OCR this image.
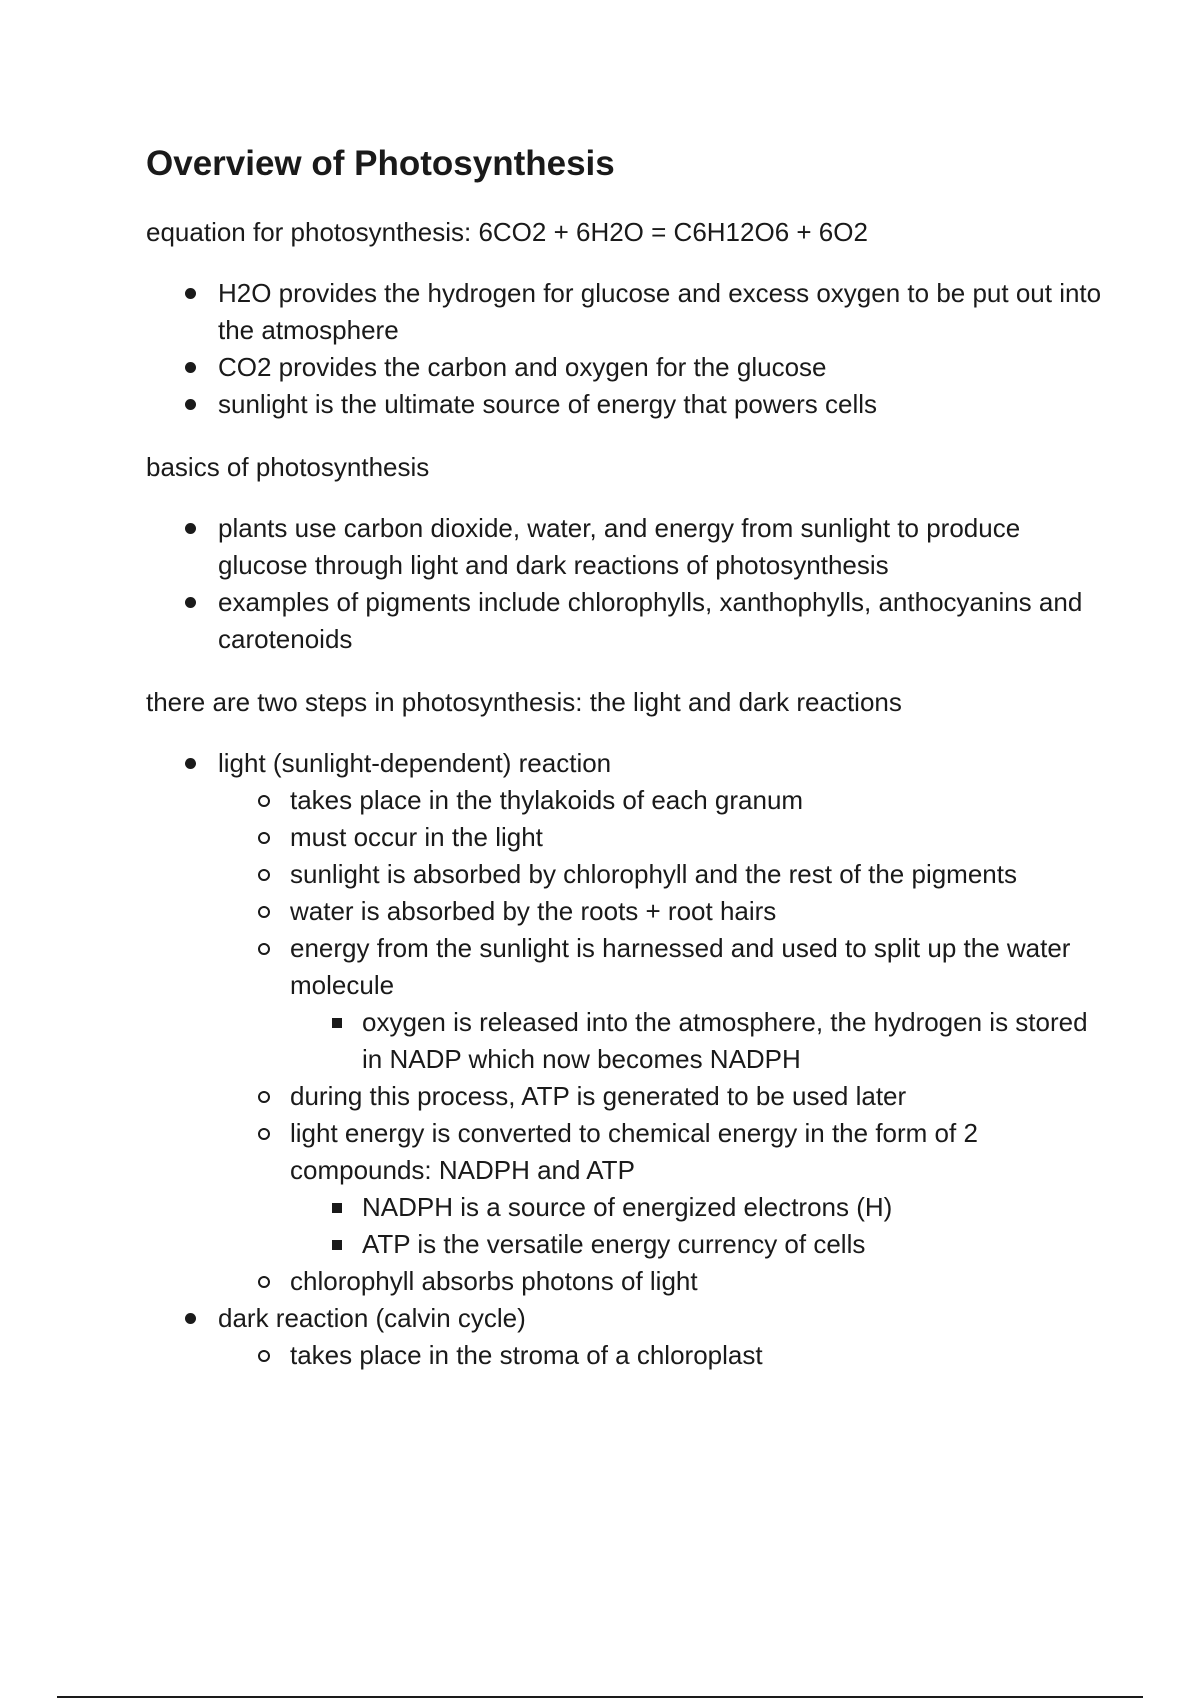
Overview of Photosynthesis

equation for photosynthesis: 6CO2 + 6H2O = C6H12O6 + 6O2

H2O provides the hydrogen for glucose and excess oxygen to be put out into the atmosphere
CO2 provides the carbon and oxygen for the glucose
sunlight is the ultimate source of energy that powers cells

basics of photosynthesis

plants use carbon dioxide, water, and energy from sunlight to produce glucose through light and dark reactions of photosynthesis
examples of pigments include chlorophylls, xanthophylls, anthocyanins and carotenoids

there are two steps in photosynthesis: the light and dark reactions

light (sunlight-dependent) reaction
takes place in the thylakoids of each granum
must occur in the light
sunlight is absorbed by chlorophyll and the rest of the pigments
water is absorbed by the roots + root hairs
energy from the sunlight is harnessed and used to split up the water molecule
oxygen is released into the atmosphere, the hydrogen is stored in NADP which now becomes NADPH
during this process, ATP is generated to be used later
light energy is converted to chemical energy in the form of 2 compounds: NADPH and ATP
NADPH is a source of energized electrons (H)
ATP is the versatile energy currency of cells
chlorophyll absorbs photons of light
dark reaction (calvin cycle)
takes place in the stroma of a chloroplast
